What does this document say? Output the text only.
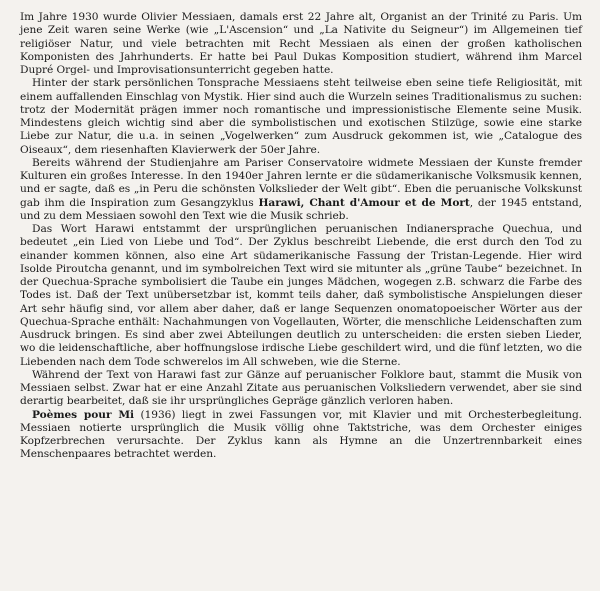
Im Jahre 1930 wurde Olivier Messiaen, damals erst 22 Jahre alt, Organist an der Trinité zu Paris. Um jene Zeit waren seine Werke (wie „L'Ascension“ und „La Nativite du Seigneur“) im Allgemeinen tief religiöser Natur, und viele betrachten mit Recht Messiaen als einen der großen katholischen Komponisten des Jahrhunderts. Er hatte bei Paul Dukas Komposition studiert, während ihm Marcel Dupré Orgel- und Improvisationsunterricht gegeben hatte.

Hinter der stark persönlichen Tonsprache Messiaens steht teilweise eben seine tiefe Religiosität, mit einem auffallenden Einschlag von Mystik. Hier sind auch die Wurzeln seines Traditionalismus zu suchen: trotz der Modernität prägen immer noch romantische und impressionistische Elemente seine Musik. Mindestens gleich wichtig sind aber die symbolistischen und exotischen Stilzüge, sowie eine starke Liebe zur Natur, die u.a. in seinen „Vogelwerken“ zum Ausdruck gekommen ist, wie „Catalogue des Oiseaux“, dem riesenhaften Klavierwerk der 50er Jahre.

Bereits während der Studienjahre am Pariser Conservatoire widmete Messiaen der Kunste fremder Kulturen ein großes Interesse. In den 1940er Jahren lernte er die südamerikanische Volksmusik kennen, und er sagte, daß es „in Peru die schönsten Volkslieder der Welt gibt“. Eben die peruanische Volkskunst gab ihm die Inspiration zum Gesangzyklus Harawi, Chant d'Amour et de Mort, der 1945 entstand, und zu dem Messiaen sowohl den Text wie die Musik schrieb.

Das Wort Harawi entstammt der ursprünglichen peruanischen Indianersprache Quechua, und bedeutet „ein Lied von Liebe und Tod“. Der Zyklus beschreibt Liebende, die erst durch den Tod zu einander kommen können, also eine Art südamerikanische Fassung der Tristan-Legende. Hier wird Isolde Piroutcha genannt, und im symbolreichen Text wird sie mitunter als „grüne Taube“ bezeichnet. In der Quechua-Sprache symbolisiert die Taube ein junges Mädchen, wogegen z.B. schwarz die Farbe des Todes ist. Daß der Text unübersetzbar ist, kommt teils daher, daß symbolistische Anspielungen dieser Art sehr häufig sind, vor allem aber daher, daß er lange Sequenzen onomatopoeischer Wörter aus der Quechua-Sprache enthält: Nachahmungen von Vogellauten, Wörter, die menschliche Leidenschaften zum Ausdruck bringen. Es sind aber zwei Abteilungen deutlich zu unterscheiden: die ersten sieben Lieder, wo die leidenschaftliche, aber hoffnungslose irdische Liebe geschildert wird, und die fünf letzten, wo die Liebenden nach dem Tode schwerelos im All schweben, wie die Sterne.

Während der Text von Harawi fast zur Gänze auf peruanischer Folklore baut, stammt die Musik von Messiaen selbst. Zwar hat er eine Anzahl Zitate aus peruanischen Volksliedern verwendet, aber sie sind derartig bearbeitet, daß sie ihr ursprüngliches Gepräge gänzlich verloren haben.

Poèmes pour Mi (1936) liegt in zwei Fassungen vor, mit Klavier und mit Orchesterbegleitung. Messiaen notierte ursprünglich die Musik völlig ohne Taktstriche, was dem Orchester einiges Kopfzerbrechen verursachte. Der Zyklus kann als Hymne an die Unzertrennbarkeit eines Menschenpaares betrachtet werden.
